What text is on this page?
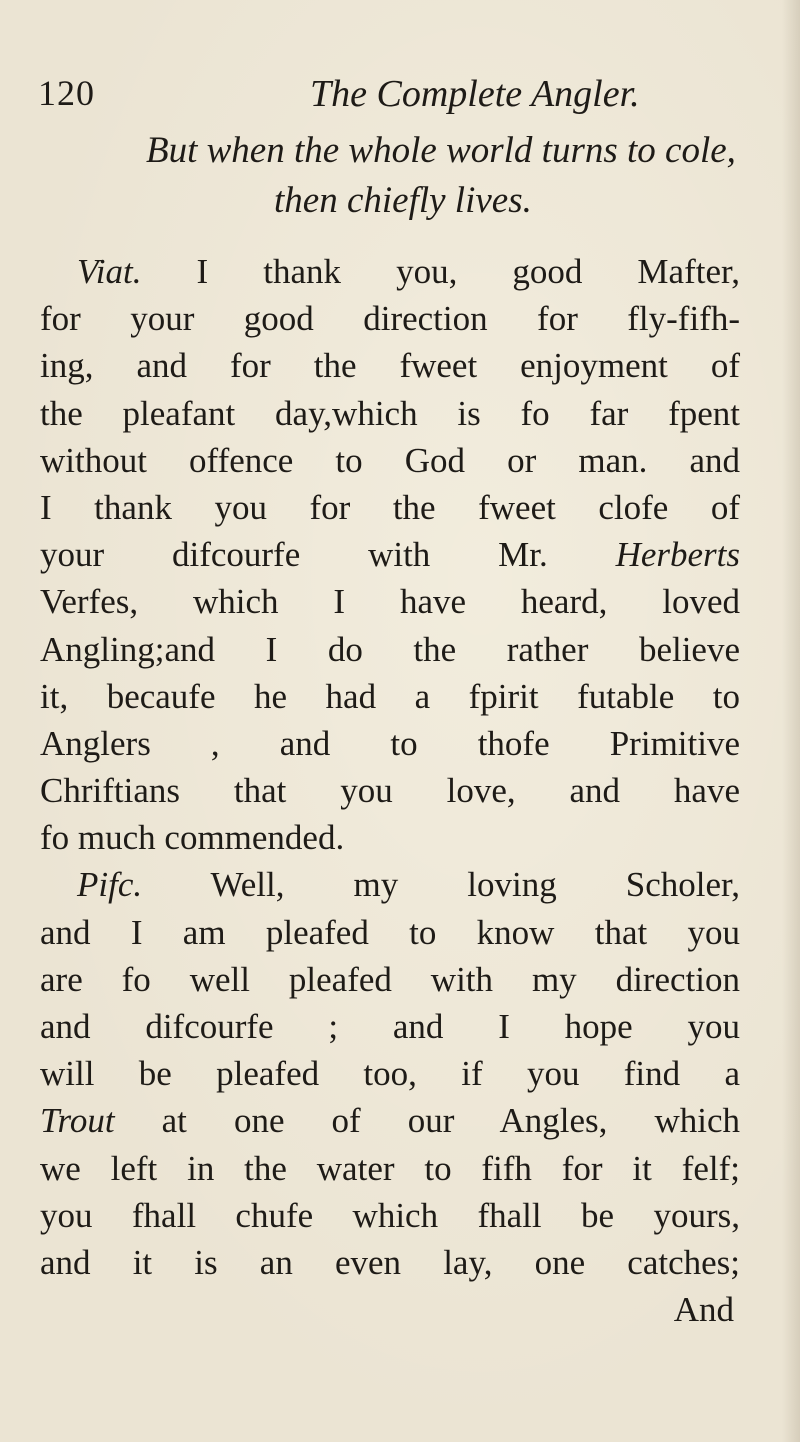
120	The Complete Angler.
But when the whole world turns to cole,
then chiefly lives.
Viat. I thank you, good Mafter,
for your good direction for fly-fifh-
ing, and for the fweet enjoyment of
the pleafant day,which is fo far fpent
without offence to God or man. and
I thank you for the fweet clofe of
your difcourfe with Mr. Herberts
Verfes, which I have heard, loved
Angling;and I do the rather believe
it, becaufe he had a fpirit futable to
Anglers , and to thofe Primitive
Chriftians that you love, and have
fo much commended.
Pifc. Well, my loving Scholer,
and I am pleafed to know that you
are fo well pleafed with my direction
and difcourfe ; and I hope you
will be pleafed too, if you find a
Trout at one of our Angles, which
we left in the water to fifh for it felf;
you fhall chufe which fhall be yours,
and it is an even lay, one catches;
And
